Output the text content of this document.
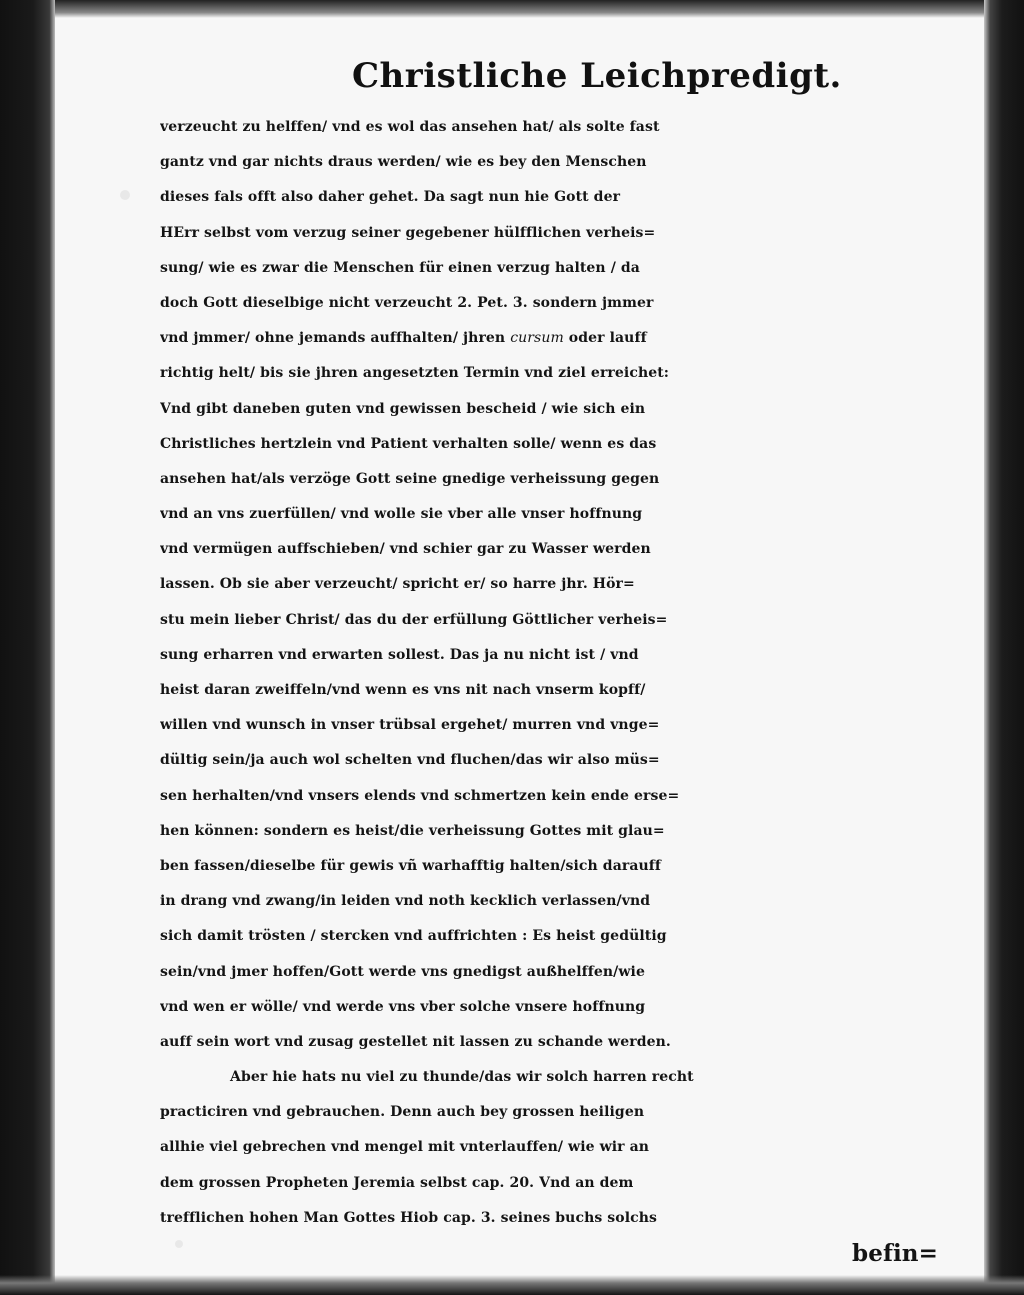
Christliche Leichpredigt.
verzeucht zu helffen/ vnd es wol das ansehen hat/ als solte fast
gantz vnd gar nichts draus werden/ wie es bey den Menschen
dieses fals offt also daher gehet. Da sagt nun hie Gott der
HErr selbst vom verzug seiner gegebener hülfflichen verheis=
sung/ wie es zwar die Menschen für einen verzug halten / da
doch Gott dieselbige nicht verzeucht 2. Pet. 3. sondern jmmer
vnd jmmer/ ohne jemands auffhalten/ jhren cursum oder lauff
richtig helt/ bis sie jhren angesetzten Termin vnd ziel erreichet:
Vnd gibt daneben guten vnd gewissen bescheid / wie sich ein
Christliches hertzlein vnd Patient verhalten solle/ wenn es das
ansehen hat/als verzöge Gott seine gnedige verheissung gegen
vnd an vns zuerfüllen/ vnd wolle sie vber alle vnser hoffnung
vnd vermügen auffschieben/ vnd schier gar zu Wasser werden
lassen. Ob sie aber verzeucht/ spricht er/ so harre jhr. Hör=
stu mein lieber Christ/ das du der erfüllung Göttlicher verheis=
sung erharren vnd erwarten sollest. Das ja nu nicht ist / vnd
heist daran zweiffeln/vnd wenn es vns nit nach vnserm kopff/
willen vnd wunsch in vnser trübsal ergehet/ murren vnd vnge=
dültig sein/ja auch wol schelten vnd fluchen/das wir also müs=
sen herhalten/vnd vnsers elends vnd schmertzen kein ende erse=
hen können: sondern es heist/die verheissung Gottes mit glau=
ben fassen/dieselbe für gewis vñ warhafftig halten/sich darauff
in drang vnd zwang/in leiden vnd noth kecklich verlassen/vnd
sich damit trösten / stercken vnd auffrichten : Es heist gedültig
sein/vnd jmer hoffen/Gott werde vns gnedigst außhelffen/wie
vnd wen er wölle/ vnd werde vns vber solche vnsere hoffnung
auff sein wort vnd zusag gestellet nit lassen zu schande werden.
Aber hie hats nu viel zu thunde/das wir solch harren recht
practiciren vnd gebrauchen. Denn auch bey grossen heiligen
allhie viel gebrechen vnd mengel mit vnterlauffen/ wie wir an
dem grossen Propheten Jeremia selbst cap. 20. Vnd an dem
trefflichen hohen Man Gottes Hiob cap. 3. seines buchs solchs
befin=
